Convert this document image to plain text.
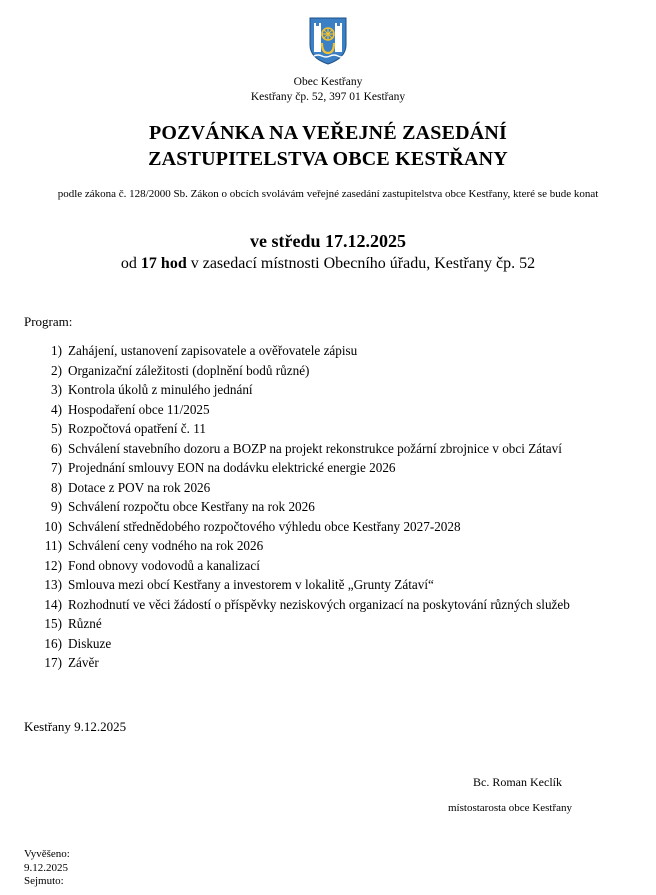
Obec Kestřany
Kestřany čp. 52, 397 01 Kestřany
POZVÁNKA NA VEŘEJNÉ ZASEDÁNÍ
ZASTUPITELSTVA OBCE KESTŘANY
podle zákona č. 128/2000 Sb. Zákon o obcích svolávám veřejné zasedání zastupitelstva obce Kestřany, které se bude konat
ve středu 17.12.2025
od 17 hod v zasedací místnosti Obecního úřadu, Kestřany čp. 52
Program:
1) Zahájení, ustanovení zapisovatele a ověřovatele zápisu
2) Organizační záležitosti (doplnění bodů různé)
3) Kontrola úkolů z minulého jednání
4) Hospodaření obce 11/2025
5) Rozpočtová opatření č. 11
6) Schválení stavebního dozoru a BOZP na projekt rekonstrukce požární zbrojnice v obci Zátaví
7) Projednání smlouvy EON na dodávku elektrické energie 2026
8) Dotace z POV na rok 2026
9) Schválení rozpočtu obce Kestřany na rok 2026
10) Schválení střednědobého rozpočtového výhledu obce Kestřany 2027-2028
11) Schválení ceny vodného na rok 2026
12) Fond obnovy vodovodů a kanalizací
13) Smlouva mezi obcí Kestřany a investorem v lokalitě „Grunty Zátaví“
14) Rozhodnutí ve věci žádostí o příspěvky neziskových organizací na poskytování různých služeb
15) Různé
16) Diskuze
17) Závěr
Kestřany 9.12.2025
Bc. Roman Keclík
místostarosta obce Kestřany
Vyvěšeno:
9.12.2025
Sejmuto:
